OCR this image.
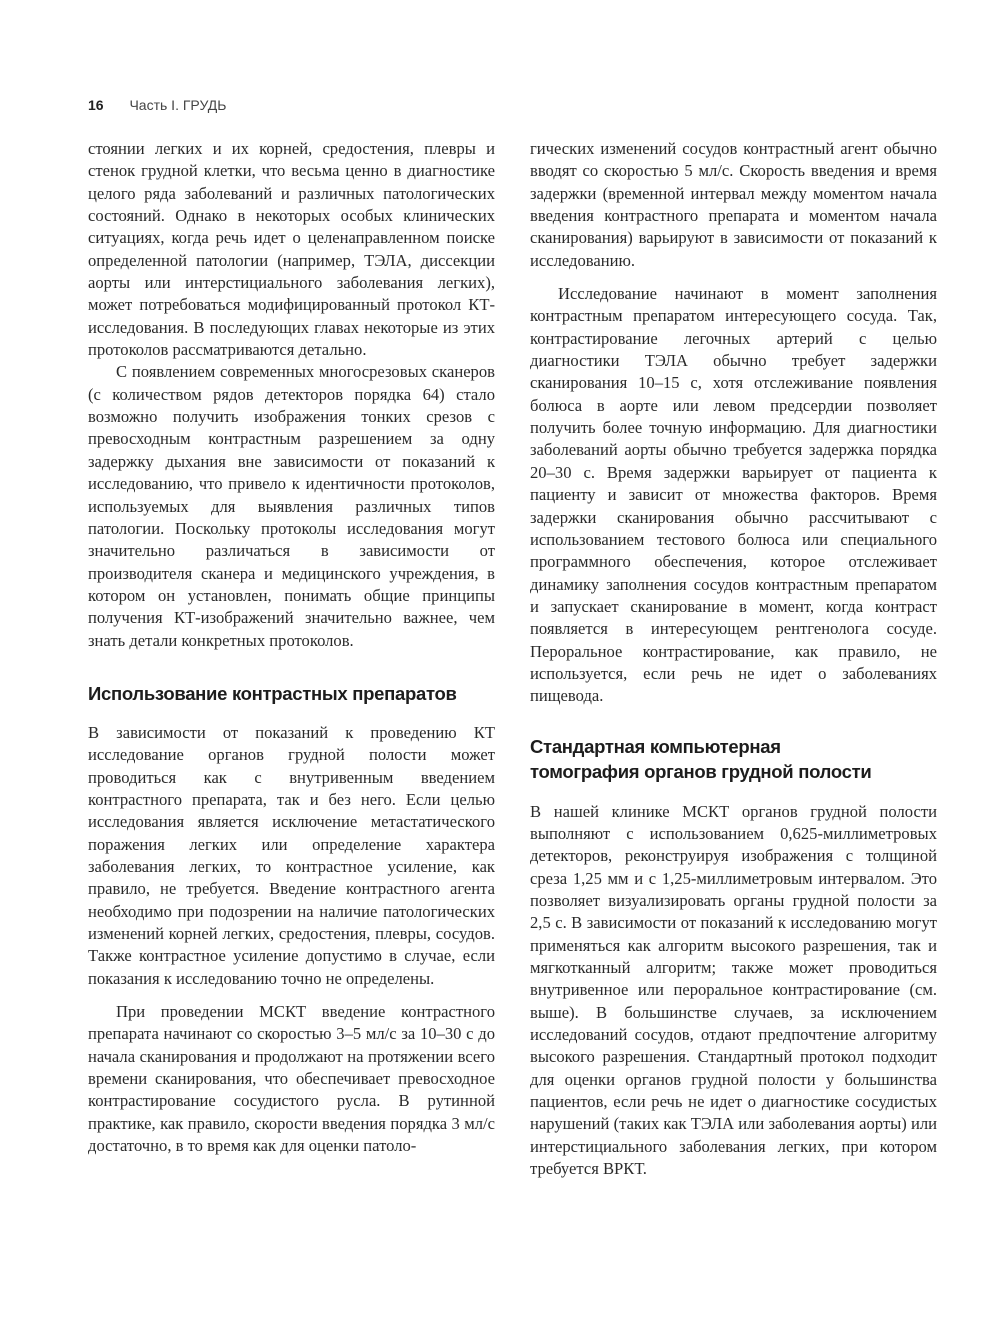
16 Часть I. ГРУДЬ

стоянии легких и их корней, средостения, плевры и стенок грудной клетки, что весьма ценно в диагностике целого ряда заболеваний и различных патологических состояний. Однако в некоторых особых клинических ситуациях, когда речь идет о целенаправленном поиске определенной патологии (например, ТЭЛА, диссекции аорты или интерстициального заболевания легких), может потребоваться модифицированный протокол КТ-исследования. В последующих главах некоторые из этих протоколов рассматриваются детально.

С появлением современных многосрезовых сканеров (с количеством рядов детекторов порядка 64) стало возможно получить изображения тонких срезов с превосходным контрастным разрешением за одну задержку дыхания вне зависимости от показаний к исследованию, что привело к идентичности протоколов, используемых для выявления различных типов патологии. Поскольку протоколы исследования могут значительно различаться в зависимости от производителя сканера и медицинского учреждения, в котором он установлен, понимать общие принципы получения КТ-изображений значительно важнее, чем знать детали конкретных протоколов.

Использование контрастных препаратов

В зависимости от показаний к проведению КТ исследование органов грудной полости может проводиться как с внутривенным введением контрастного препарата, так и без него. Если целью исследования является исключение метастатического поражения легких или определение характера заболевания легких, то контрастное усиление, как правило, не требуется. Введение контрастного агента необходимо при подозрении на наличие патологических изменений корней легких, средостения, плевры, сосудов. Также контрастное усиление допустимо в случае, если показания к исследованию точно не определены.

При проведении МСКТ введение контрастного препарата начинают со скоростью 3–5 мл/с за 10–30 с до начала сканирования и продолжают на протяжении всего времени сканирования, что обеспечивает превосходное контрастирование сосудистого русла. В рутинной практике, как правило, скорости введения порядка 3 мл/с достаточно, в то время как для оценки патоло-

гических изменений сосудов контрастный агент обычно вводят со скоростью 5 мл/с. Скорость введения и время задержки (временной интервал между моментом начала введения контрастного препарата и моментом начала сканирования) варьируют в зависимости от показаний к исследованию.

Исследование начинают в момент заполнения контрастным препаратом интересующего сосуда. Так, контрастирование легочных артерий с целью диагностики ТЭЛА обычно требует задержки сканирования 10–15 с, хотя отслеживание появления болюса в аорте или левом предсердии позволяет получить более точную информацию. Для диагностики заболеваний аорты обычно требуется задержка порядка 20–30 с. Время задержки варьирует от пациента к пациенту и зависит от множества факторов. Время задержки сканирования обычно рассчитывают с использованием тестового болюса или специального программного обеспечения, которое отслеживает динамику заполнения сосудов контрастным препаратом и запускает сканирование в момент, когда контраст появляется в интересующем рентгенолога сосуде. Пероральное контрастирование, как правило, не используется, если речь не идет о заболеваниях пищевода.

Стандартная компьютерная
томография органов грудной полости

В нашей клинике МСКТ органов грудной полости выполняют с использованием 0,625-миллиметровых детекторов, реконструируя изображения с толщиной среза 1,25 мм и с 1,25-миллиметровым интервалом. Это позволяет визуализировать органы грудной полости за 2,5 с. В зависимости от показаний к исследованию могут применяться как алгоритм высокого разрешения, так и мягкотканный алгоритм; также может проводиться внутривенное или пероральное контрастирование (см. выше). В большинстве случаев, за исключением исследований сосудов, отдают предпочтение алгоритму высокого разрешения. Стандартный протокол подходит для оценки органов грудной полости у большинства пациентов, если речь не идет о диагностике сосудистых нарушений (таких как ТЭЛА или заболевания аорты) или интерстициального заболевания легких, при котором требуется ВРКТ.
